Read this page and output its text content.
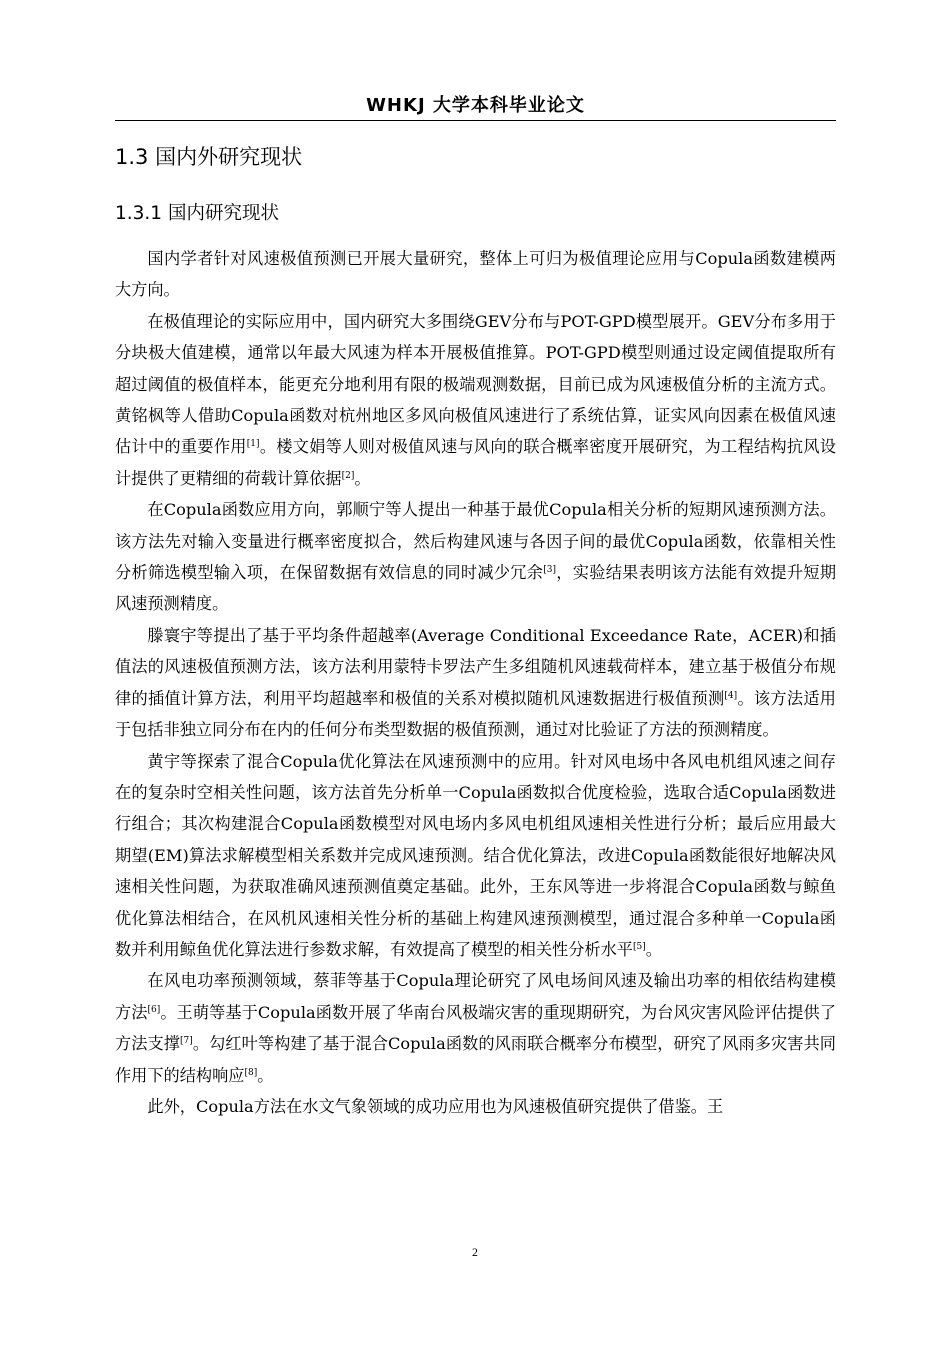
WHKJ 大学本科毕业论文
1.3 国内外研究现状
1.3.1 国内研究现状

国内学者针对风速极值预测已开展大量研究，整体上可归为极值理论应用与Copula函数建模两大方向。

在极值理论的实际应用中，国内研究大多围绕GEV分布与POT-GPD模型展开。GEV分布多用于分块极大值建模，通常以年最大风速为样本开展极值推算。POT-GPD模型则通过设定阈值提取所有超过阈值的极值样本，能更充分地利用有限的极端观测数据，目前已成为风速极值分析的主流方式。黄铭枫等人借助Copula函数对杭州地区多风向极值风速进行了系统估算，证实风向因素在极值风速估计中的重要作用[1]。楼文娟等人则对极值风速与风向的联合概率密度开展研究，为工程结构抗风设计提供了更精细的荷载计算依据[2]。

在Copula函数应用方向，郭顺宁等人提出一种基于最优Copula相关分析的短期风速预测方法。该方法先对输入变量进行概率密度拟合，然后构建风速与各因子间的最优Copula函数，依靠相关性分析筛选模型输入项，在保留数据有效信息的同时减少冗余[3]，实验结果表明该方法能有效提升短期风速预测精度。

滕寰宇等提出了基于平均条件超越率(Average Conditional Exceedance Rate，ACER)和插值法的风速极值预测方法，该方法利用蒙特卡罗法产生多组随机风速载荷样本，建立基于极值分布规律的插值计算方法，利用平均超越率和极值的关系对模拟随机风速数据进行极值预测[4]。该方法适用于包括非独立同分布在内的任何分布类型数据的极值预测，通过对比验证了方法的预测精度。

黄宇等探索了混合Copula优化算法在风速预测中的应用。针对风电场中各风电机组风速之间存在的复杂时空相关性问题，该方法首先分析单一Copula函数拟合优度检验，选取合适Copula函数进行组合；其次构建混合Copula函数模型对风电场内多风电机组风速相关性进行分析；最后应用最大期望(EM)算法求解模型相关系数并完成风速预测。结合优化算法，改进Copula函数能很好地解决风速相关性问题，为获取准确风速预测值奠定基础。此外，王东风等进一步将混合Copula函数与鲸鱼优化算法相结合，在风机风速相关性分析的基础上构建风速预测模型，通过混合多种单一Copula函数并利用鲸鱼优化算法进行参数求解，有效提高了模型的相关性分析水平[5]。

在风电功率预测领域，蔡菲等基于Copula理论研究了风电场间风速及输出功率的相依结构建模方法[6]。王萌等基于Copula函数开展了华南台风极端灾害的重现期研究，为台风灾害风险评估提供了方法支撑[7]。勾红叶等构建了基于混合Copula函数的风雨联合概率分布模型，研究了风雨多灾害共同作用下的结构响应[8]。

此外，Copula方法在水文气象领域的成功应用也为风速极值研究提供了借鉴。王

2
